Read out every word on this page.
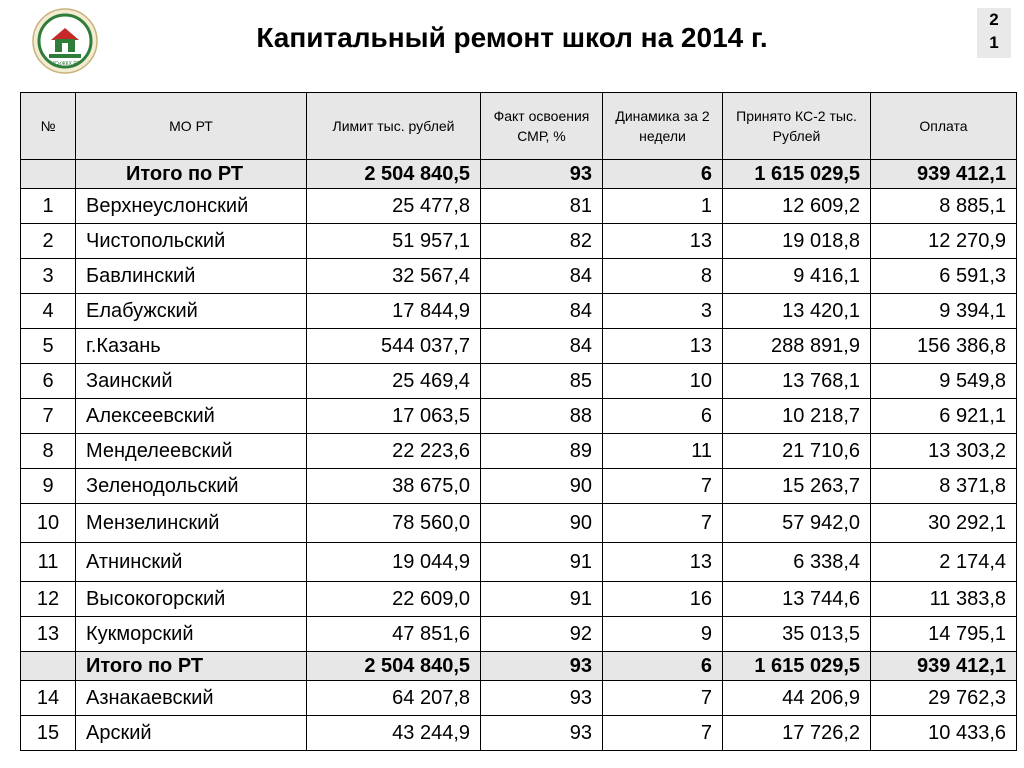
МСиЖКХ РТ
Капитальный ремонт школ на 2014 г.
2
1
№	МО РТ	Лимит тыс. рублей	Факт освоения СМР, %	Динамика за 2 недели	Принято КС-2 тыс. Рублей	Оплата
	Итого по РТ	2 504 840,5	93	6	1 615 029,5	939 412,1
1	Верхнеуслонский	25 477,8	81	1	12 609,2	8 885,1
2	Чистопольский	51 957,1	82	13	19 018,8	12 270,9
3	Бавлинский	32 567,4	84	8	9 416,1	6 591,3
4	Елабужский	17 844,9	84	3	13 420,1	9 394,1
5	г.Казань	544 037,7	84	13	288 891,9	156 386,8
6	Заинский	25 469,4	85	10	13 768,1	9 549,8
7	Алексеевский	17 063,5	88	6	10 218,7	6 921,1
8	Менделеевский	22 223,6	89	11	21 710,6	13 303,2
9	Зеленодольский	38 675,0	90	7	15 263,7	8 371,8
10	Мензелинский	78 560,0	90	7	57 942,0	30 292,1
11	Атнинский	19 044,9	91	13	6 338,4	2 174,4
12	Высокогорский	22 609,0	91	16	13 744,6	11 383,8
13	Кукморский	47 851,6	92	9	35 013,5	14 795,1
	Итого по РТ	2 504 840,5	93	6	1 615 029,5	939 412,1
14	Азнакаевский	64 207,8	93	7	44 206,9	29 762,3
15	Арский	43 244,9	93	7	17 726,2	10 433,6
